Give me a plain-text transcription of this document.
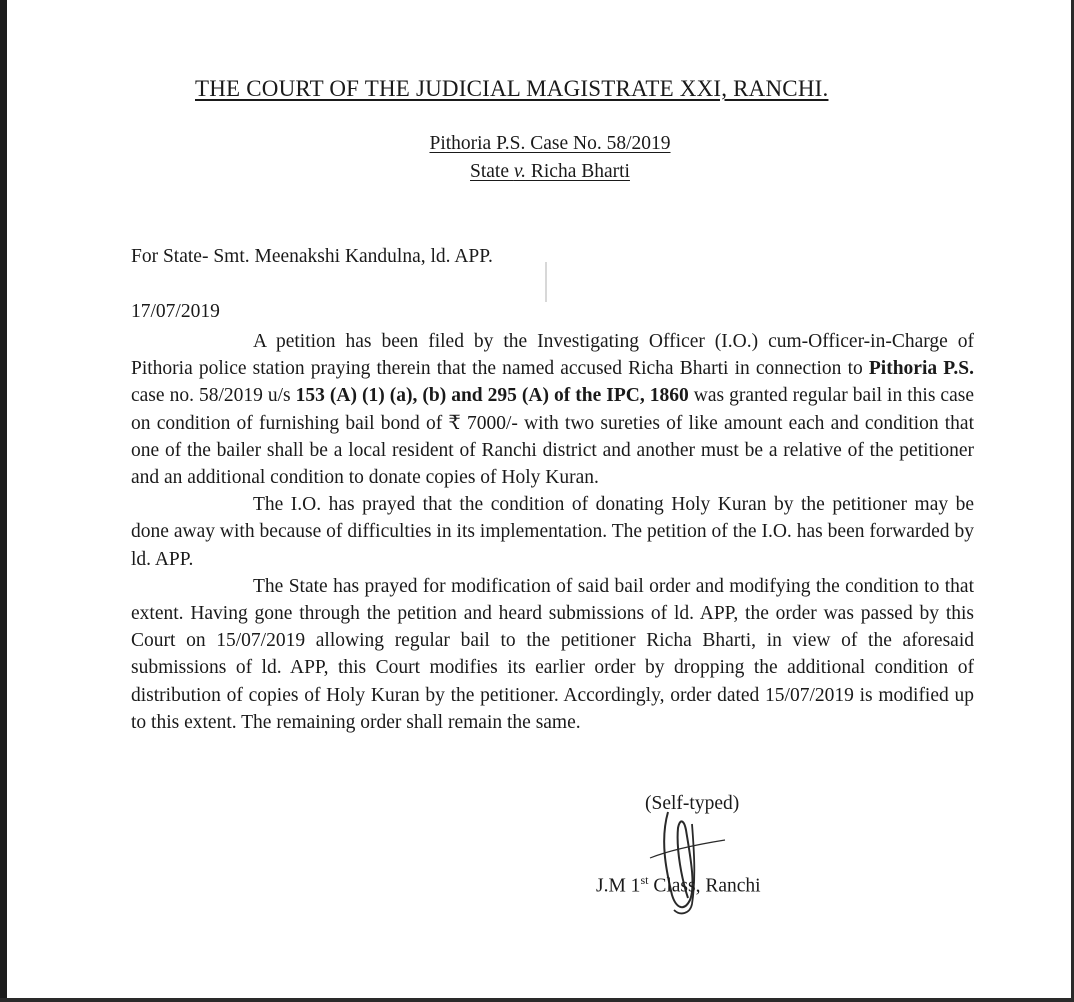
THE COURT OF THE JUDICIAL MAGISTRATE XXI, RANCHI.
Pithoria P.S. Case No. 58/2019
State v. Richa Bharti
For State- Smt. Meenakshi Kandulna, ld. APP.
17/07/2019

A petition has been filed by the Investigating Officer (I.O.) cum-Officer-in-Charge of Pithoria police station praying therein that the named accused Richa Bharti in connection to Pithoria P.S. case no. 58/2019 u/s 153 (A) (1) (a), (b) and 295 (A) of the IPC, 1860 was granted regular bail in this case on condition of furnishing bail bond of ₹ 7000/- with two sureties of like amount each and condition that one of the bailer shall be a local resident of Ranchi district and another must be a relative of the petitioner and an additional condition to donate copies of Holy Kuran.

The I.O. has prayed that the condition of donating Holy Kuran by the petitioner may be done away with because of difficulties in its implementation. The petition of the I.O. has been forwarded by ld. APP.

The State has prayed for modification of said bail order and modifying the condition to that extent. Having gone through the petition and heard submissions of ld. APP, the order was passed by this Court on 15/07/2019 allowing regular bail to the petitioner Richa Bharti, in view of the aforesaid submissions of ld. APP, this Court modifies its earlier order by dropping the additional condition of distribution of copies of Holy Kuran by the petitioner. Accordingly, order dated 15/07/2019 is modified up to this extent. The remaining order shall remain the same.

(Self-typed)
J.M 1st Class, Ranchi
